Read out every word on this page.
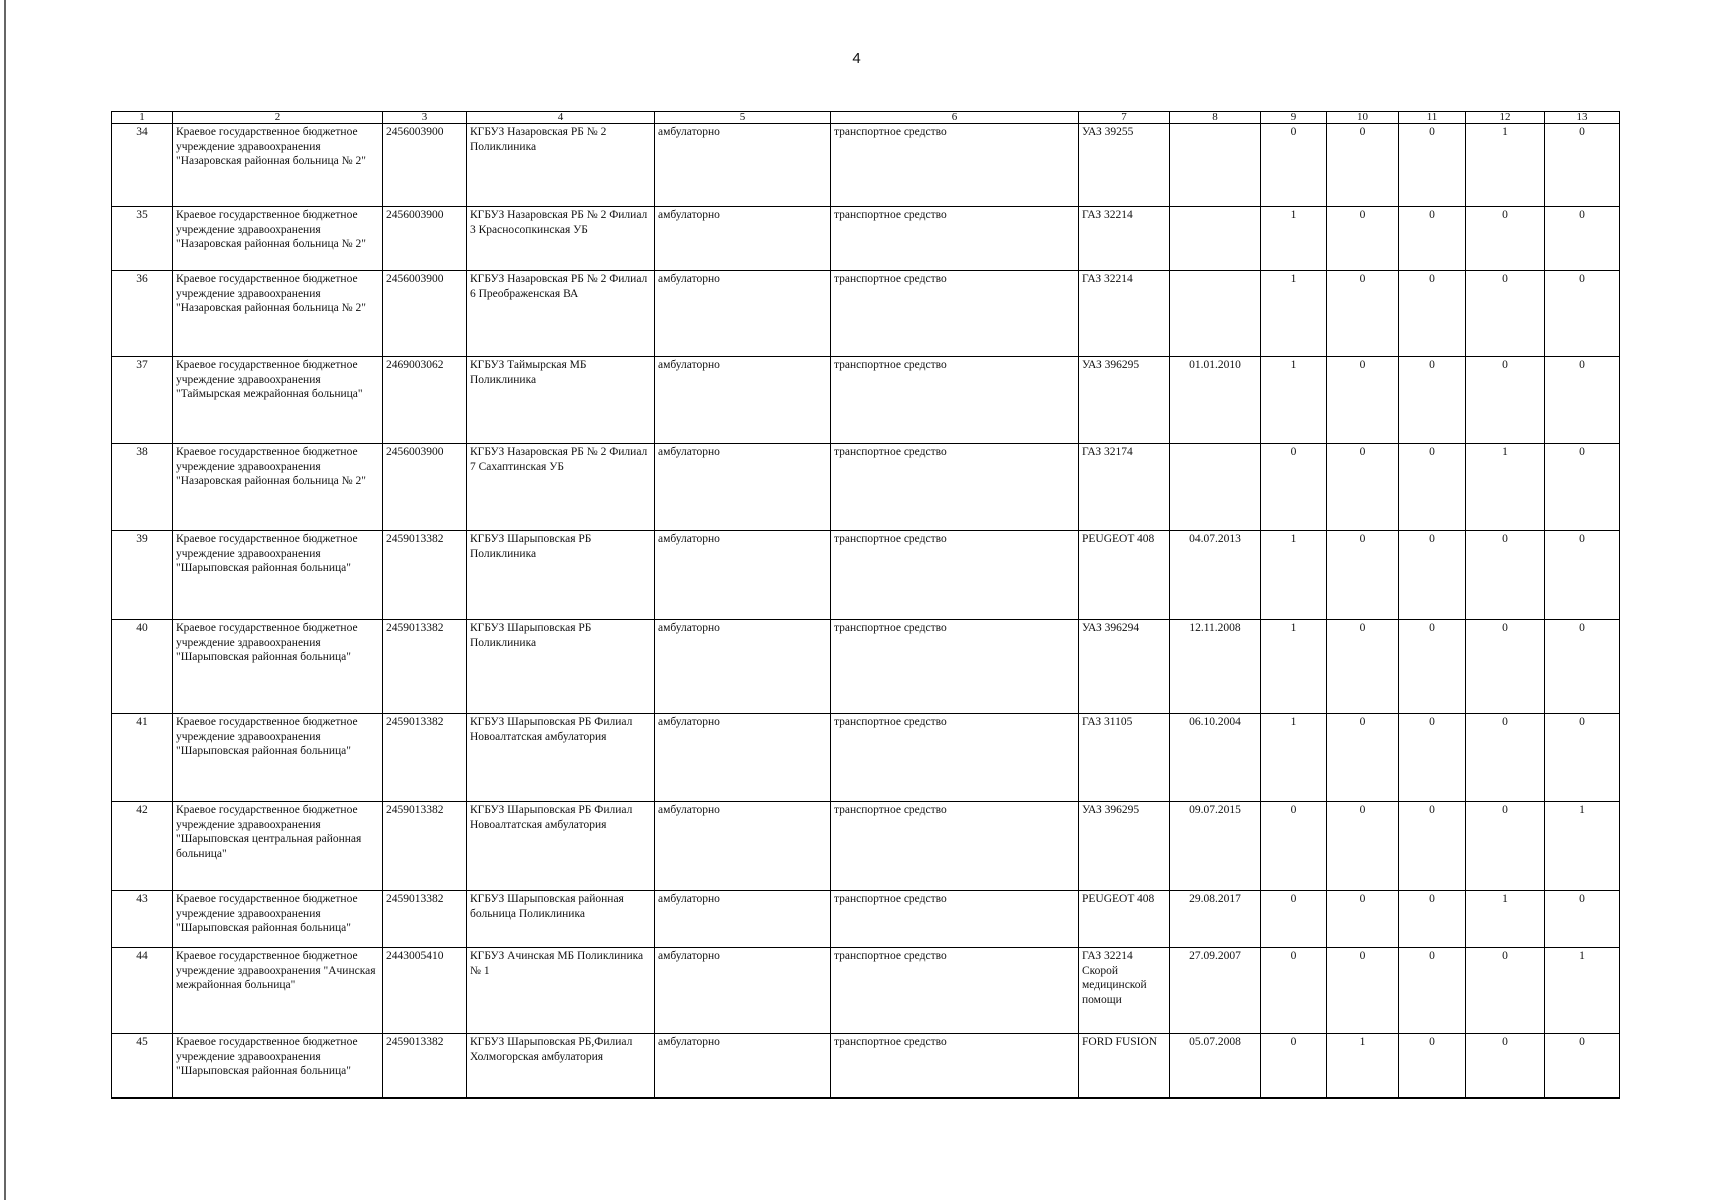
4
1	2	3	4	5	6	7	8	9	10	11	12	13
34	Краевое государственное бюджетное учреждение здравоохранения "Назаровская районная больница № 2"	2456003900	КГБУЗ Назаровская РБ № 2 Поликлиника	амбулаторно	транспортное средство	УАЗ 39255		0	0	0	1	0
35	Краевое государственное бюджетное учреждение здравоохранения "Назаровская районная больница № 2"	2456003900	КГБУЗ Назаровская РБ № 2 Филиал 3 Красносопкинская УБ	амбулаторно	транспортное средство	ГАЗ 32214		1	0	0	0	0
36	Краевое государственное бюджетное учреждение здравоохранения "Назаровская районная больница № 2"	2456003900	КГБУЗ Назаровская РБ № 2 Филиал 6 Преображенская ВА	амбулаторно	транспортное средство	ГАЗ 32214		1	0	0	0	0
37	Краевое государственное бюджетное учреждение здравоохранения "Таймырская межрайонная больница"	2469003062	КГБУЗ Таймырская МБ Поликлиника	амбулаторно	транспортное средство	УАЗ 396295	01.01.2010	1	0	0	0	0
38	Краевое государственное бюджетное учреждение здравоохранения "Назаровская районная больница № 2"	2456003900	КГБУЗ Назаровская РБ № 2 Филиал 7 Сахаптинская УБ	амбулаторно	транспортное средство	ГАЗ 32174		0	0	0	1	0
39	Краевое государственное бюджетное учреждение здравоохранения "Шарыповская районная больница"	2459013382	КГБУЗ Шарыповская РБ Поликлиника	амбулаторно	транспортное средство	PEUGEOT 408	04.07.2013	1	0	0	0	0
40	Краевое государственное бюджетное учреждение здравоохранения "Шарыповская районная больница"	2459013382	КГБУЗ Шарыповская РБ Поликлиника	амбулаторно	транспортное средство	УАЗ 396294	12.11.2008	1	0	0	0	0
41	Краевое государственное бюджетное учреждение здравоохранения "Шарыповская районная больница"	2459013382	КГБУЗ Шарыповская РБ Филиал Новоалтатская амбулатория	амбулаторно	транспортное средство	ГАЗ 31105	06.10.2004	1	0	0	0	0
42	Краевое государственное бюджетное учреждение здравоохранения "Шарыповская центральная районная больница"	2459013382	КГБУЗ Шарыповская РБ Филиал Новоалтатская амбулатория	амбулаторно	транспортное средство	УАЗ 396295	09.07.2015	0	0	0	0	1
43	Краевое государственное бюджетное учреждение здравоохранения "Шарыповская районная больница"	2459013382	КГБУЗ Шарыповская районная больница Поликлиника	амбулаторно	транспортное средство	PEUGEOT 408	29.08.2017	0	0	0	1	0
44	Краевое государственное бюджетное учреждение здравоохранения "Ачинская межрайонная больница"	2443005410	КГБУЗ Ачинская МБ Поликлиника № 1	амбулаторно	транспортное средство	ГАЗ 32214 Скорой медицинской помощи	27.09.2007	0	0	0	0	1
45	Краевое государственное бюджетное учреждение здравоохранения "Шарыповская районная больница"	2459013382	КГБУЗ Шарыповская РБ,Филиал Холмогорская амбулатория	амбулаторно	транспортное средство	FORD FUSION	05.07.2008	0	1	0	0	0
